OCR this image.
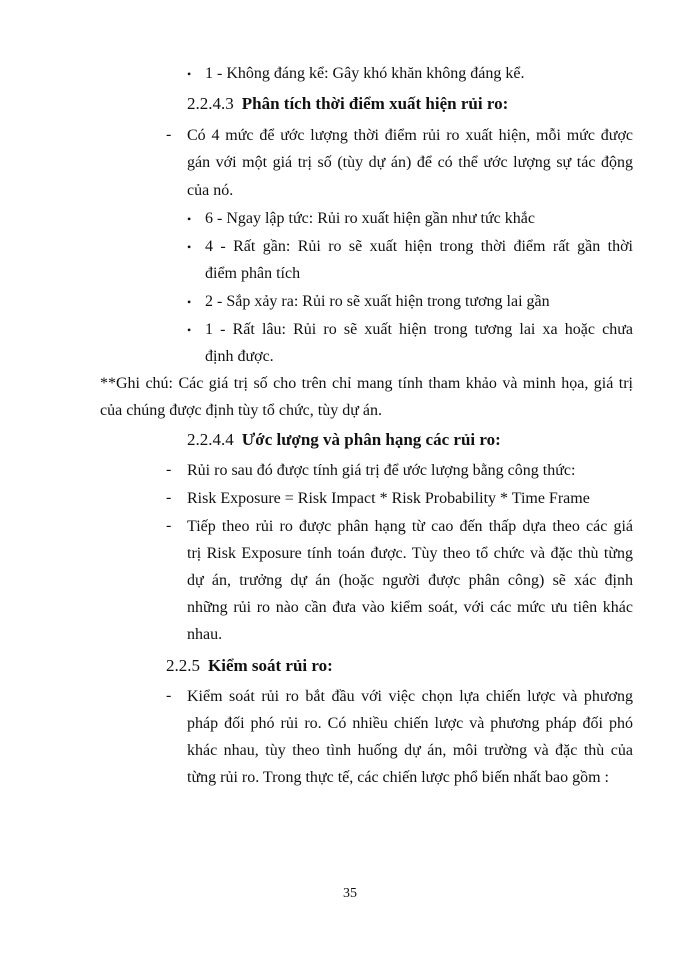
• 1 - Không đáng kể: Gây khó khăn không đáng kể.
2.2.4.3 Phân tích thời điểm xuất hiện rủi ro:
- Có 4 mức để ước lượng thời điểm rủi ro xuất hiện, mỗi mức được
gán với một giá trị số (tùy dự án) để có thể ước lượng sự tác động
của nó.
• 6 - Ngay lập tức: Rủi ro xuất hiện gần như tức khắc
• 4 - Rất gần: Rủi ro sẽ xuất hiện trong thời điểm rất gần thời
điểm phân tích
• 2 - Sắp xảy ra: Rủi ro sẽ xuất hiện trong tương lai gần
• 1 - Rất lâu: Rủi ro sẽ xuất hiện trong tương lai xa hoặc chưa
định được.
**Ghi chú: Các giá trị số cho trên chỉ mang tính tham khảo và minh họa, giá trị
của chúng được định tùy tổ chức, tùy dự án.
2.2.4.4 Ước lượng và phân hạng các rủi ro:
- Rủi ro sau đó được tính giá trị để ước lượng bằng công thức:
- Risk Exposure = Risk Impact * Risk Probability * Time Frame
- Tiếp theo rủi ro được phân hạng từ cao đến thấp dựa theo các giá
trị Risk Exposure tính toán được. Tùy theo tổ chức và đặc thù từng
dự án, trưởng dự án (hoặc người được phân công) sẽ xác định
những rủi ro nào cần đưa vào kiểm soát, với các mức ưu tiên khác
nhau.
2.2.5 Kiểm soát rủi ro:
- Kiểm soát rủi ro bắt đầu với việc chọn lựa chiến lược và phương
pháp đối phó rủi ro. Có nhiều chiến lược và phương pháp đối phó
khác nhau, tùy theo tình huống dự án, môi trường và đặc thù của
từng rủi ro. Trong thực tế, các chiến lược phổ biến nhất bao gồm :
35
